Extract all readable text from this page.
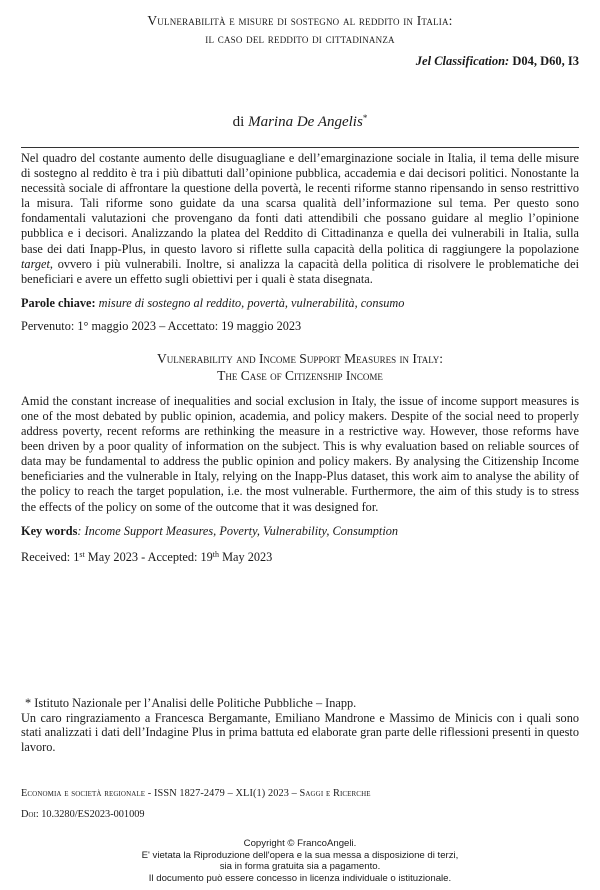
Vulnerabilità e misure di sostegno al reddito in Italia:
il caso del reddito di cittadinanza
Jel Classification: D04, D60, I3
di Marina De Angelis*
Nel quadro del costante aumento delle disuguagliane e dell’emarginazione sociale in Italia, il tema delle misure di sostegno al reddito è tra i più dibattuti dall’opinione pubblica, accademia e dai decisori politici. Nonostante la necessità sociale di affrontare la questione della povertà, le recenti riforme stanno ripensando in senso restrittivo la misura. Tali riforme sono guidate da una scarsa qualità dell’informazione sul tema. Per questo sono fondamentali valutazioni che provengano da fonti dati attendibili che possano guidare al meglio l’opinione pubblica e i decisori. Analizzando la platea del Reddito di Cittadinanza e quella dei vulnerabili in Italia, sulla base dei dati Inapp-Plus, in questo lavoro si riflette sulla capacità della politica di raggiungere la popolazione target, ovvero i più vulnerabili. Inoltre, si analizza la capacità della politica di risolvere le problematiche dei beneficiari e avere un effetto sugli obiettivi per i quali è stata disegnata.
Parole chiave: misure di sostegno al reddito, povertà, vulnerabilità, consumo
Pervenuto: 1° maggio 2023 – Accettato: 19 maggio 2023
Vulnerability and Income Support Measures in Italy:
The Case of Citizenship Income
Amid the constant increase of inequalities and social exclusion in Italy, the issue of income support measures is one of the most debated by public opinion, academia, and policy makers. Despite of the social need to properly address poverty, recent reforms are rethinking the measure in a restrictive way. However, those reforms have been driven by a poor quality of information on the subject. This is why evaluation based on reliable sources of data may be fundamental to address the public opinion and policy makers. By analysing the Citizenship Income beneficiaries and the vulnerable in Italy, relying on the Inapp-Plus dataset, this work aim to analyse the ability of the policy to reach the target population, i.e. the most vulnerable. Furthermore, the aim of this study is to stress the effects of the policy on some of the outcome that it was designed for.
Key words: Income Support Measures, Poverty, Vulnerability, Consumption
Received: 1st May 2023 - Accepted: 19th May 2023
* Istituto Nazionale per l’Analisi delle Politiche Pubbliche – Inapp.
Un caro ringraziamento a Francesca Bergamante, Emiliano Mandrone e Massimo de Minicis con i quali sono stati analizzati i dati dell’Indagine Plus in prima battuta ed elaborate gran parte delle riflessioni presenti in questo lavoro.
Economia e società regionale - ISSN 1827-2479 – XLI(1) 2023 – Saggi e Ricerche
Doi: 10.3280/ES2023-001009
Copyright © FrancoAngeli.
E' vietata la Riproduzione dell'opera e la sua messa a disposizione di terzi,
sia in forma gratuita sia a pagamento.
Il documento può essere concesso in licenza individuale o istituzionale.
